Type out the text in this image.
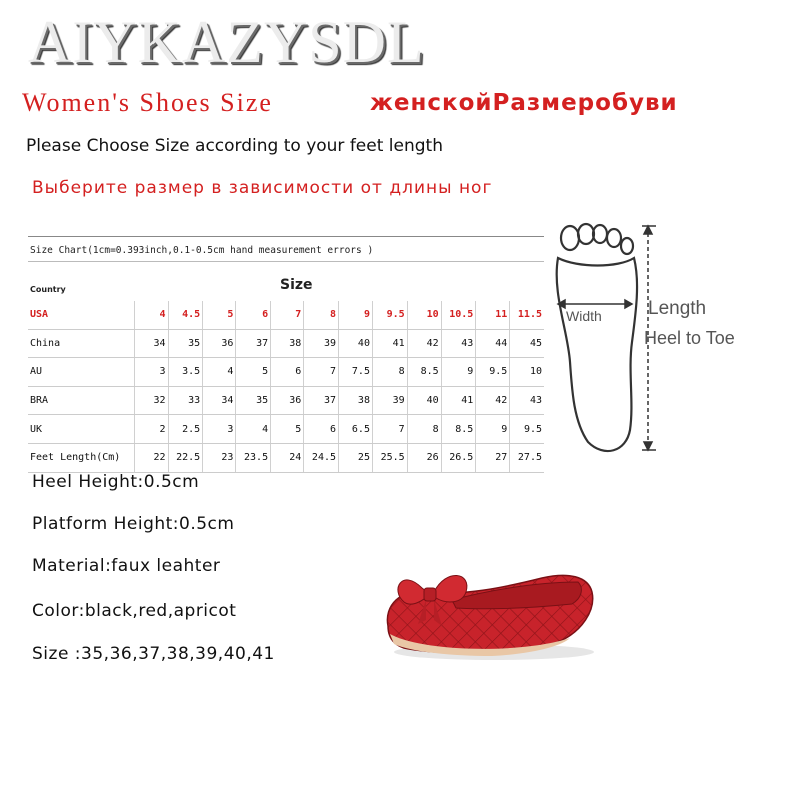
AIYKAZYSDL
Women's Shoes Size	женскойРазмеробуви
Please Choose Size according to your feet length
Выберите размер в зависимости от длины ног
Size Chart(1cm=0.393inch,0.1-0.5cm hand measurement errors )
Size
Country
USA	4	4.5	5	6	7	8	9	9.5	10	10.5	11	11.5
China	34	35	36	37	38	39	40	41	42	43	44	45
AU	3	3.5	4	5	6	7	7.5	8	8.5	9	9.5	10
BRA	32	33	34	35	36	37	38	39	40	41	42	43
UK	2	2.5	3	4	5	6	6.5	7	8	8.5	9	9.5
Feet Length(Cm)	22	22.5	23	23.5	24	24.5	25	25.5	26	26.5	27	27.5
Width Length
Heel to Toe
Heel Height:0.5cm
Platform Height:0.5cm
Material:faux leahter
Color:black,red,apricot
Size :35,36,37,38,39,40,41
